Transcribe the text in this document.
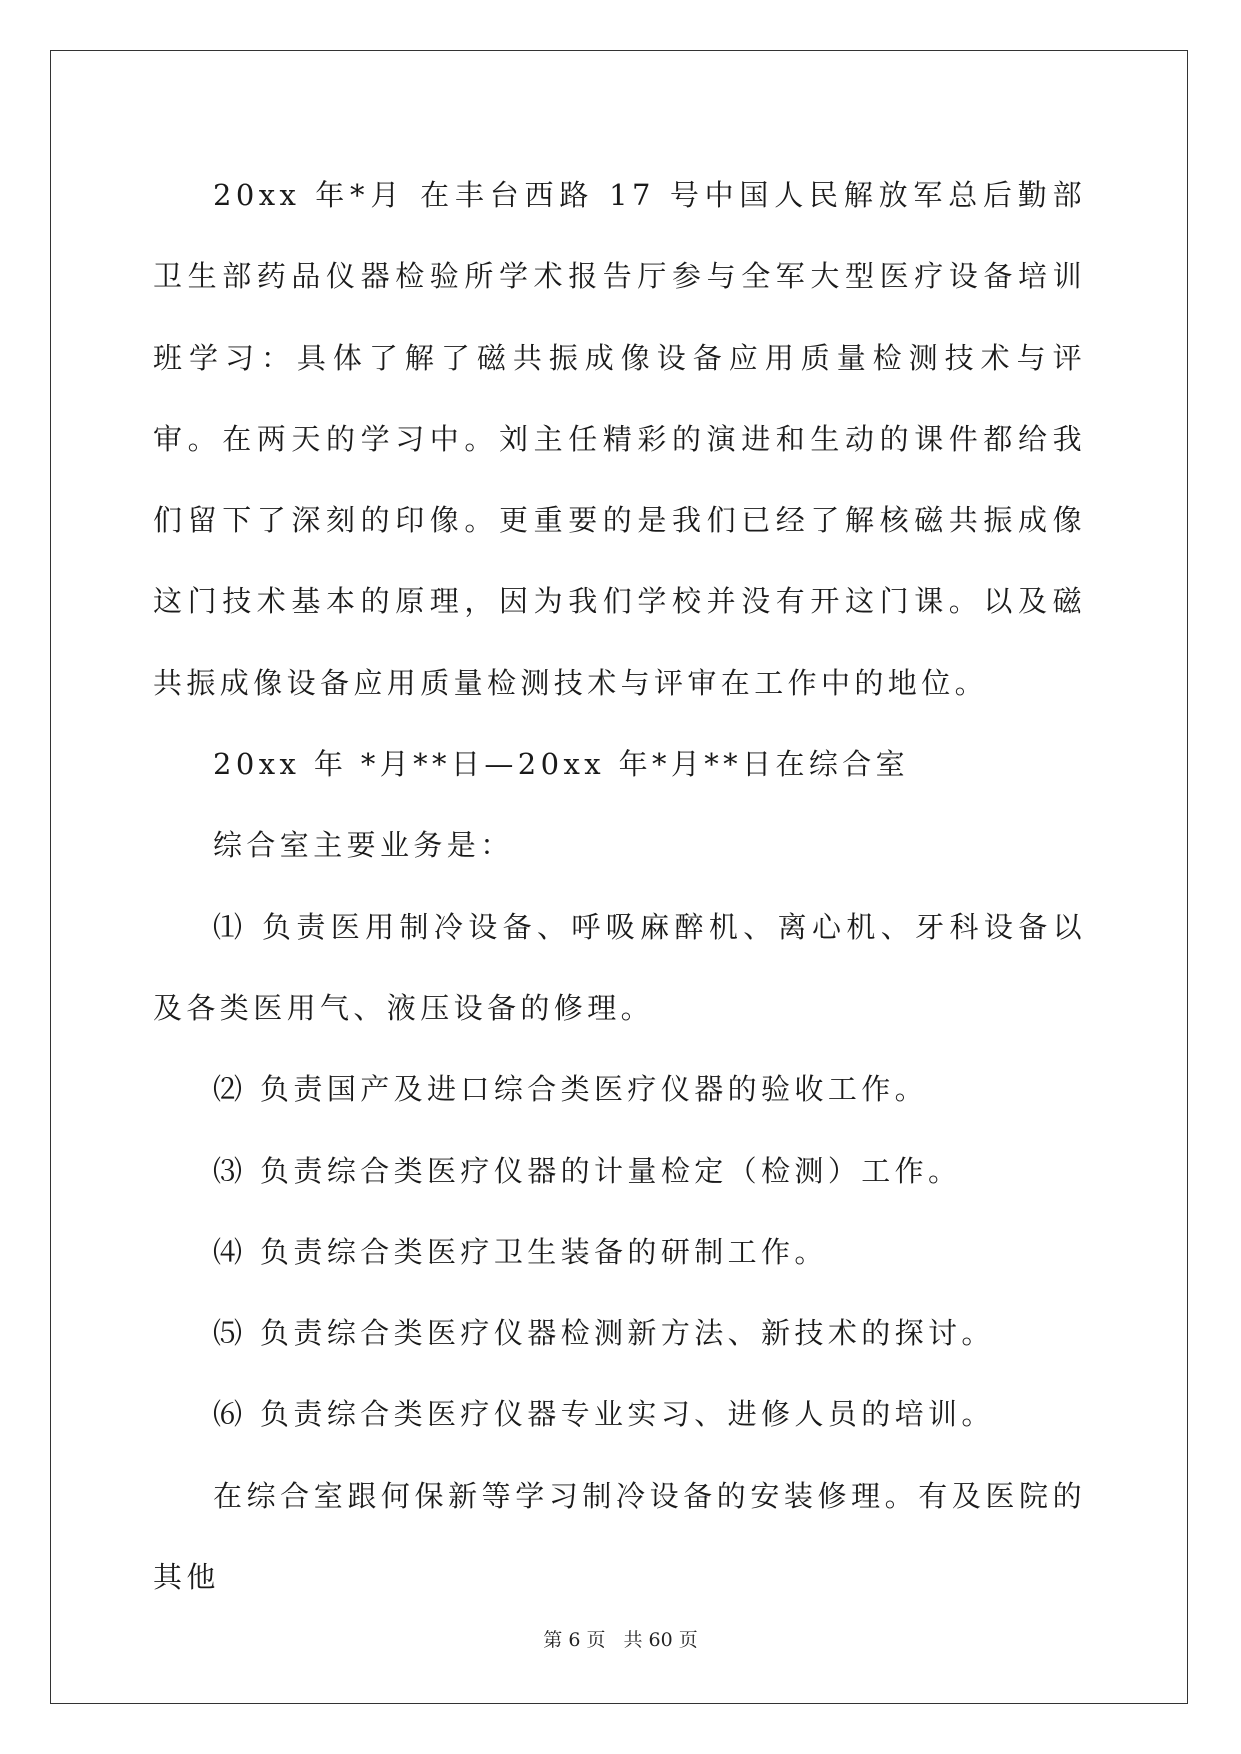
20xx 年*月 在丰台西路 17 号中国人民解放军总后勤部卫生部药品仪器检验所学术报告厅参与全军大型医疗设备培训班学习：具体了解了磁共振成像设备应用质量检测技术与评审。在两天的学习中。刘主任精彩的演进和生动的课件都给我们留下了深刻的印像。更重要的是我们已经了解核磁共振成像这门技术基本的原理，因为我们学校并没有开这门课。以及磁共振成像设备应用质量检测技术与评审在工作中的地位。

20xx 年 *月**日—20xx 年*月**日在综合室

综合室主要业务是：

⑴ 负责医用制冷设备、呼吸麻醉机、离心机、牙科设备以及各类医用气、液压设备的修理。

⑵ 负责国产及进口综合类医疗仪器的验收工作。

⑶ 负责综合类医疗仪器的计量检定（检测）工作。

⑷ 负责综合类医疗卫生装备的研制工作。

⑸ 负责综合类医疗仪器检测新方法、新技术的探讨。

⑹ 负责综合类医疗仪器专业实习、进修人员的培训。

在综合室跟何保新等学习制冷设备的安装修理。有及医院的其他

第 6 页 共 60 页
